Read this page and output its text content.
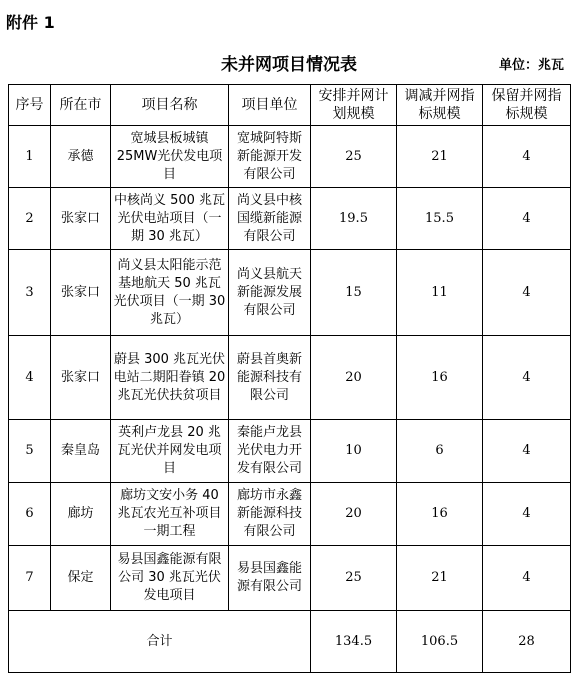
附件 1
未并网项目情况表	单位：兆瓦
序号	所在市	项目名称	项目单位	安排并网计划规模	调减并网指标规模	保留并网指标规模
1	承德	宽城县板城镇25MW光伏发电项目	宽城阿特斯新能源开发有限公司	25	21	4
2	张家口	中核尚义 500 兆瓦光伏电站项目（一期 30 兆瓦）	尚义县中核国缆新能源有限公司	19.5	15.5	4
3	张家口	尚义县太阳能示范基地航天 50 兆瓦光伏项目（一期 30 兆瓦）	尚义县航天新能源发展有限公司	15	11	4
4	张家口	蔚县 300 兆瓦光伏电站二期阳眷镇 20 兆瓦光伏扶贫项目	蔚县首奥新能源科技有限公司	20	16	4
5	秦皇岛	英利卢龙县 20 兆瓦光伏并网发电项目	秦能卢龙县光伏电力开发有限公司	10	6	4
6	廊坊	廊坊文安小务 40 兆瓦农光互补项目一期工程	廊坊市永鑫新能源科技有限公司	20	16	4
7	保定	易县国鑫能源有限公司 30 兆瓦光伏发电项目	易县国鑫能源有限公司	25	21	4
合计				134.5	106.5	28
